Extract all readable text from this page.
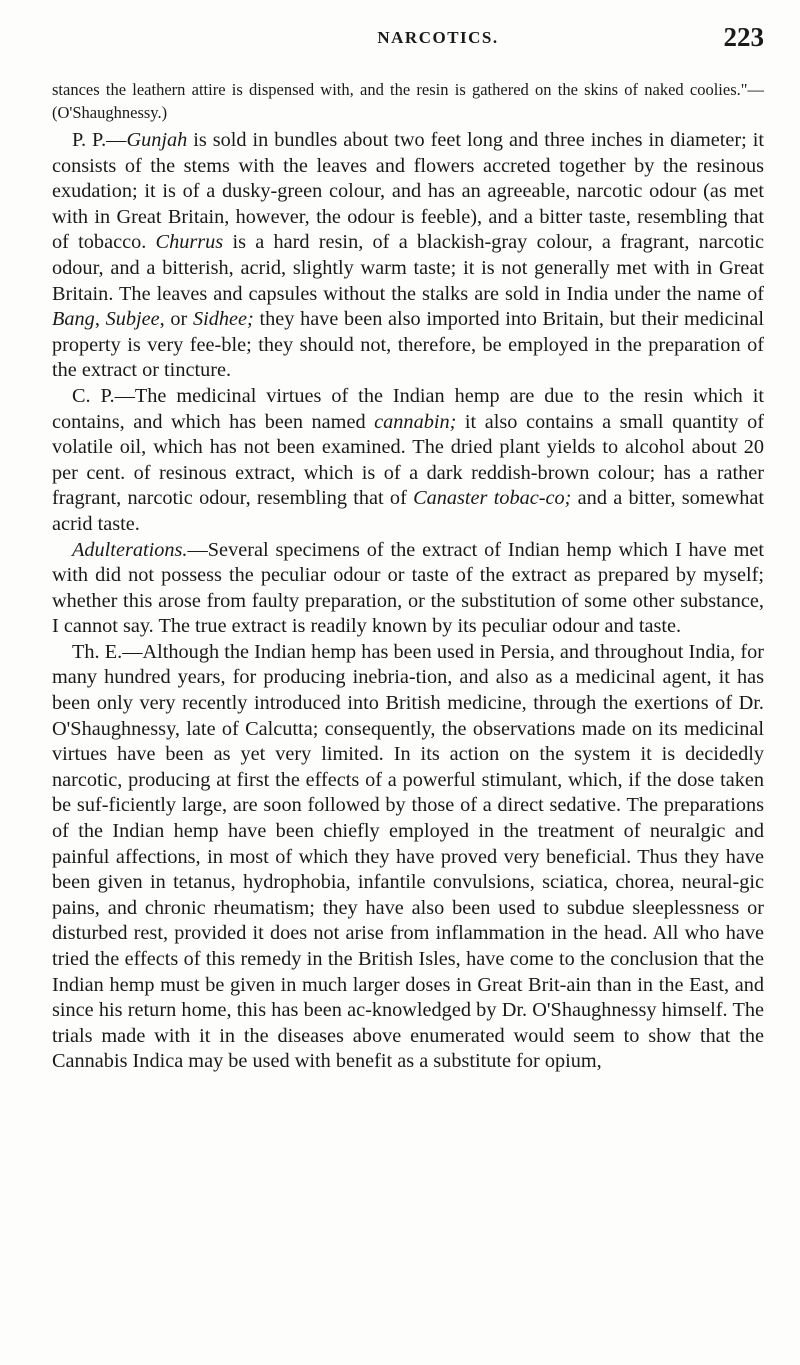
NARCOTICS.	223

stances the leathern attire is dispensed with, and the resin is gathered on the skins of naked coolies."—(O'Shaughnessy.)

P. P.—Gunjah is sold in bundles about two feet long and three inches in diameter; it consists of the stems with the leaves and flowers accreted together by the resinous exudation; it is of a dusky-green colour, and has an agreeable, narcotic odour (as met with in Great Britain, however, the odour is feeble), and a bitter taste, resembling that of tobacco. Churrus is a hard resin, of a blackish-gray colour, a fragrant, narcotic odour, and a bitterish, acrid, slightly warm taste; it is not generally met with in Great Britain. The leaves and capsules without the stalks are sold in India under the name of Bang, Subjee, or Sidhee; they have been also imported into Britain, but their medicinal property is very fee-ble; they should not, therefore, be employed in the preparation of the extract or tincture.

C. P.—The medicinal virtues of the Indian hemp are due to the resin which it contains, and which has been named cannabin; it also contains a small quantity of volatile oil, which has not been examined. The dried plant yields to alcohol about 20 per cent. of resinous extract, which is of a dark reddish-brown colour; has a rather fragrant, narcotic odour, resembling that of Canaster tobac-co; and a bitter, somewhat acrid taste.

Adulterations.—Several specimens of the extract of Indian hemp which I have met with did not possess the peculiar odour or taste of the extract as prepared by myself; whether this arose from faulty preparation, or the substitution of some other substance, I cannot say. The true extract is readily known by its peculiar odour and taste.

Th. E.—Although the Indian hemp has been used in Persia, and throughout India, for many hundred years, for producing inebria-tion, and also as a medicinal agent, it has been only very recently introduced into British medicine, through the exertions of Dr. O'Shaughnessy, late of Calcutta; consequently, the observations made on its medicinal virtues have been as yet very limited. In its action on the system it is decidedly narcotic, producing at first the effects of a powerful stimulant, which, if the dose taken be suf-ficiently large, are soon followed by those of a direct sedative. The preparations of the Indian hemp have been chiefly employed in the treatment of neuralgic and painful affections, in most of which they have proved very beneficial. Thus they have been given in tetanus, hydrophobia, infantile convulsions, sciatica, chorea, neural-gic pains, and chronic rheumatism; they have also been used to subdue sleeplessness or disturbed rest, provided it does not arise from inflammation in the head. All who have tried the effects of this remedy in the British Isles, have come to the conclusion that the Indian hemp must be given in much larger doses in Great Brit-ain than in the East, and since his return home, this has been ac-knowledged by Dr. O'Shaughnessy himself. The trials made with it in the diseases above enumerated would seem to show that the Cannabis Indica may be used with benefit as a substitute for opium,
